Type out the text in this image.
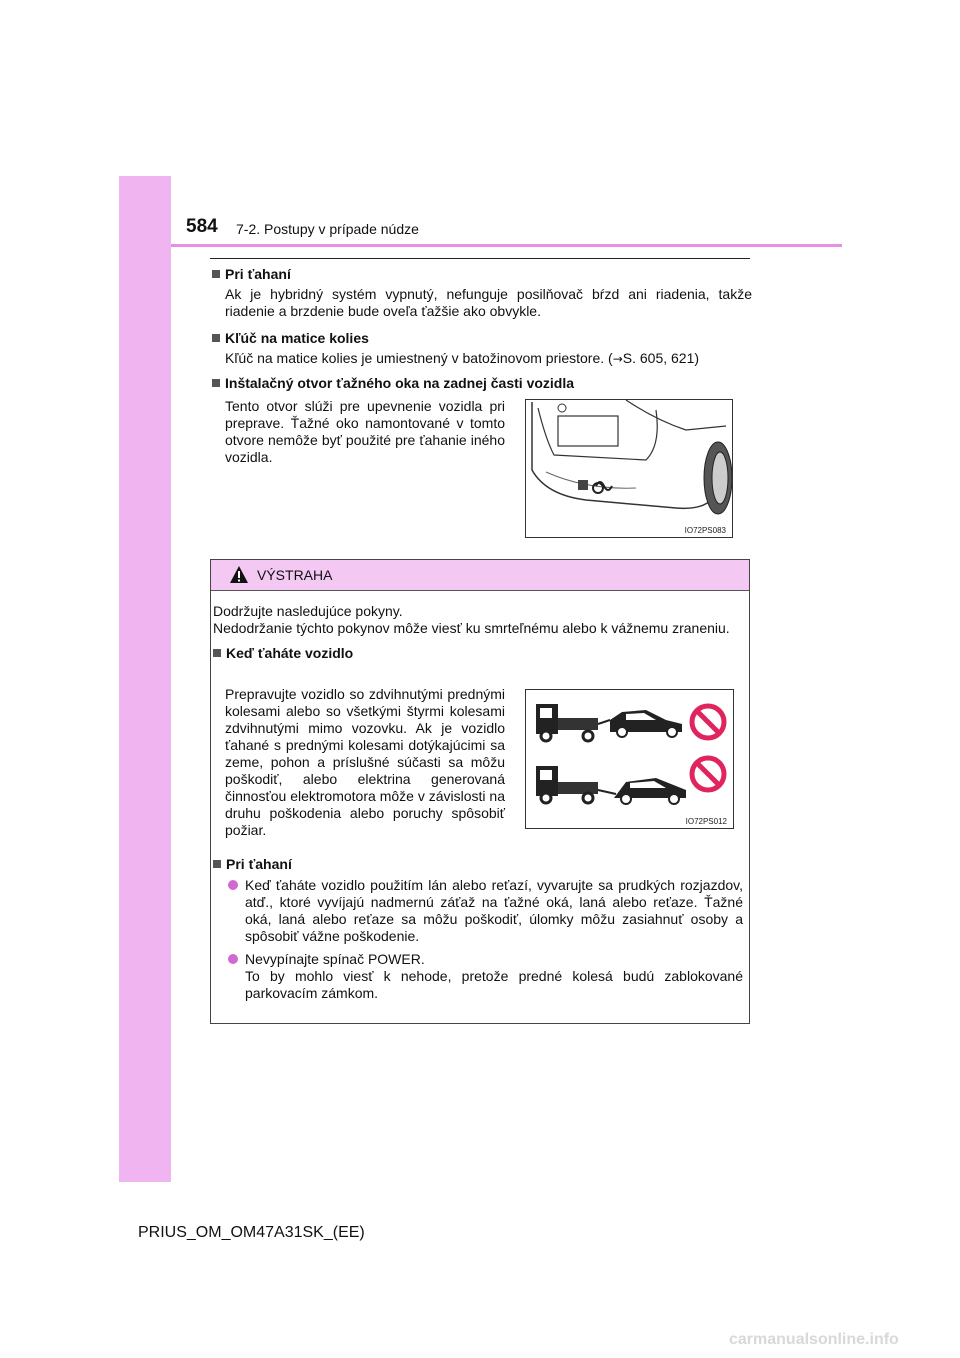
584 7-2. Postupy v prípade núdze
Pri ťahaní
Ak je hybridný systém vypnutý, nefunguje posilňovač bŕzd ani riadenia, takže riadenie a brzdenie bude oveľa ťažšie ako obvykle.
Kľúč na matice kolies
Kľúč na matice kolies je umiestnený v batožinovom priestore. (→S. 605, 621)
Inštalačný otvor ťažného oka na zadnej časti vozidla
Tento otvor slúži pre upevnenie vozidla pri preprave. Ťažné oko namontované v tomto otvore nemôže byť použité pre ťahanie iného vozidla.
IO72PS083
VÝSTRAHA
Dodržujte nasledujúce pokyny.
Nedodržanie týchto pokynov môže viesť ku smrteľnému alebo k vážnemu zraneniu.
Keď ťaháte vozidlo
Prepravujte vozidlo so zdvihnutými prednými kolesami alebo so všetkými štyrmi kolesami zdvihnutými mimo vozovku. Ak je vozidlo ťahané s prednými kolesami dotýkajúcimi sa zeme, pohon a príslušné súčasti sa môžu poškodiť, alebo elektrina generovaná činnosťou elektromotora môže v závislosti na druhu poškodenia alebo poruchy spôsobiť požiar.
IO72PS012
Pri ťahaní
Keď ťaháte vozidlo použitím lán alebo reťazí, vyvarujte sa prudkých rozjazdov, atď., ktoré vyvíjajú nadmernú záťaž na ťažné oká, laná alebo reťaze. Ťažné oká, laná alebo reťaze sa môžu poškodiť, úlomky môžu zasiahnuť osoby a spôsobiť vážne poškodenie.
Nevypínajte spínač POWER.
To by mohlo viesť k nehode, pretože predné kolesá budú zablokované parkovacím zámkom.
PRIUS_OM_OM47A31SK_(EE)
carmanualsonline.info
